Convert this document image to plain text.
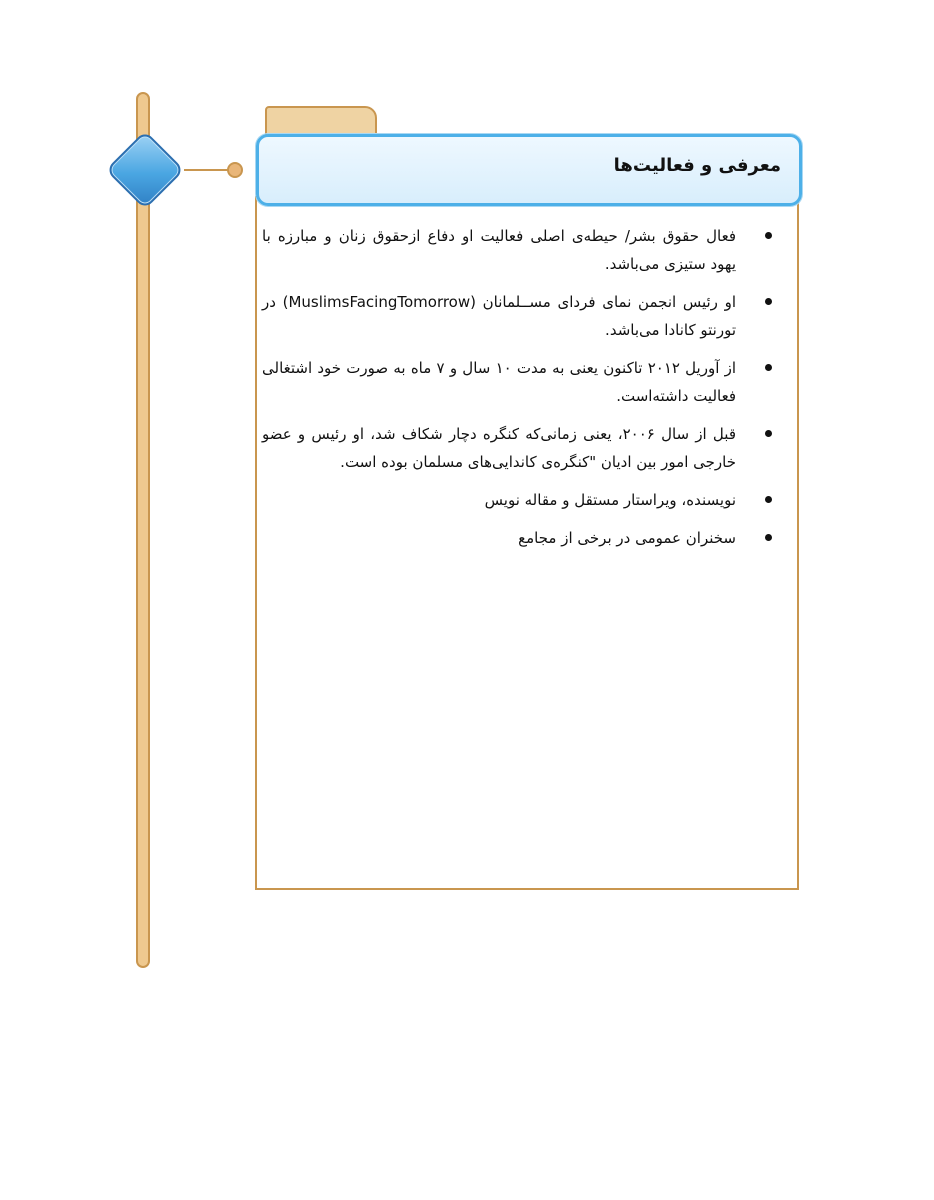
معرفی و فعالیت‌ها
فعال حقوق بشر/ حیطه‌ی اصلی فعالیت او دفاع ازحقوق زنان و مبارزه با یهود ستیزی می‌باشد.
او رئیس انجمن نمای فردای مســلمانان (MuslimsFacingTomorrow) در تورنتو کانادا می‌باشد.
از آوریل ۲۰۱۲ تاکنون یعنی به مدت ۱۰ سال و ۷ ماه به صورت خود اشتغالی فعالیت داشته‌است.
قبل از سال ۲۰۰۶، یعنی زمانی‌که کنگره دچار شکاف شد، او رئیس و عضو خارجی امور بین ادیان "کنگره‌ی کاندایی‌های مسلمان بوده است.
نویسنده، ویراستار مستقل و مقاله نویس
سخنران عمومی در برخی از مجامع
